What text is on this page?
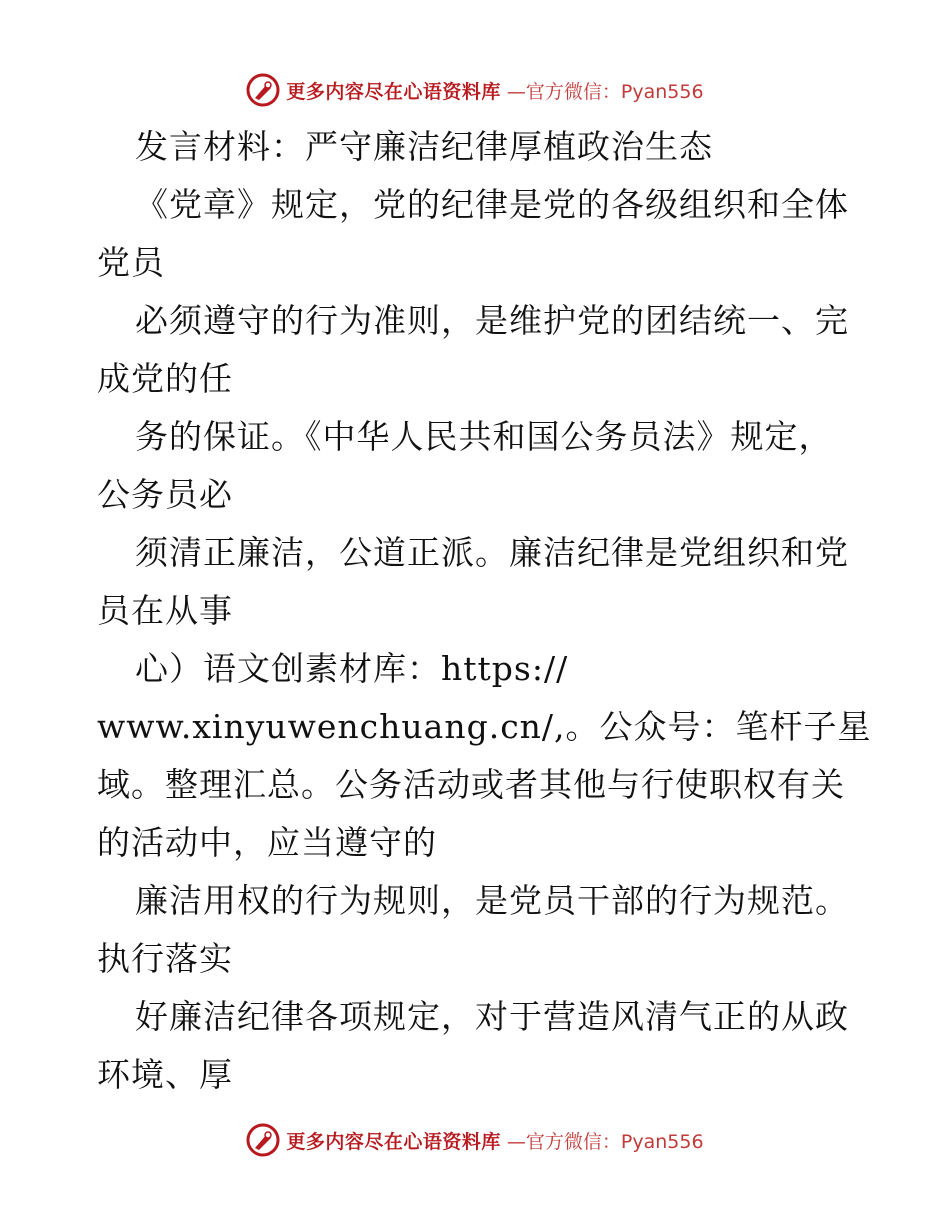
更多内容尽在心语资料库 —官方微信：Pyan556
发言材料：严守廉洁纪律厚植政治生态
《党章》规定，党的纪律是党的各级组织和全体
党员
必须遵守的行为准则，是维护党的团结统一、完
成党的任
务的保证。《中华人民共和国公务员法》规定，
公务员必
须清正廉洁，公道正派。廉洁纪律是党组织和党
员在从事
心）语文创素材库：https://
www.xinyuwenchuang.cn/,。公众号：笔杆子星
域。整理汇总。公务活动或者其他与行使职权有关
的活动中，应当遵守的
廉洁用权的行为规则，是党员干部的行为规范。
执行落实
好廉洁纪律各项规定，对于营造风清气正的从政
环境、厚
更多内容尽在心语资料库 —官方微信：Pyan556
